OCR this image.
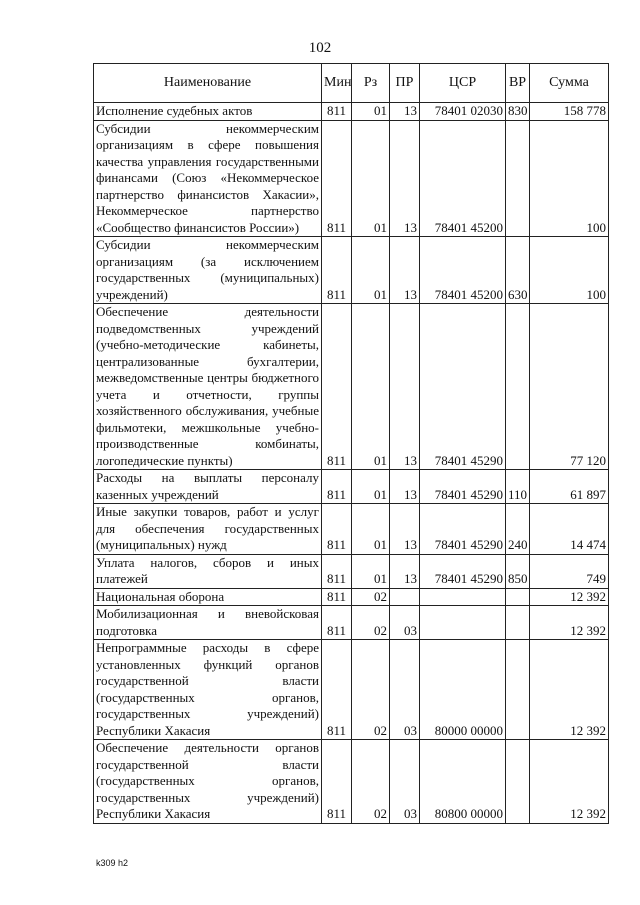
102
Наименование	Мин	Рз	ПР	ЦСР	ВР	Сумма
Исполнение судебных актов	811	01	13	78401 02030	830	158 778
Субсидии некоммерческим организациям в сфере повышения качества управления государственными финансами (Союз «Некоммерческое партнерство финансистов Хакасии», Некоммерческое партнерство «Сообщество финансистов России»)	811	01	13	78401 45200		100
Субсидии некоммерческим организациям (за исключением государственных (муниципальных) учреждений)	811	01	13	78401 45200	630	100
Обеспечение деятельности подведомственных учреждений (учебно-методические кабинеты, централизованные бухгалтерии, межведомственные центры бюджетного учета и отчетности, группы хозяйственного обслуживания, учебные фильмотеки, межшкольные учебно-производственные комбинаты, логопедические пункты)	811	01	13	78401 45290		77 120
Расходы на выплаты персоналу казенных учреждений	811	01	13	78401 45290	110	61 897
Иные закупки товаров, работ и услуг для обеспечения государственных (муниципальных) нужд	811	01	13	78401 45290	240	14 474
Уплата налогов, сборов и иных платежей	811	01	13	78401 45290	850	749
Национальная оборона	811	02				12 392
Мобилизационная и вневойсковая подготовка	811	02	03			12 392
Непрограммные расходы в сфере установленных функций органов государственной власти (государственных органов, государственных учреждений) Республики Хакасия	811	02	03	80000 00000		12 392
Обеспечение деятельности органов государственной власти (государственных органов, государственных учреждений) Республики Хакасия	811	02	03	80800 00000		12 392
k309 h2
